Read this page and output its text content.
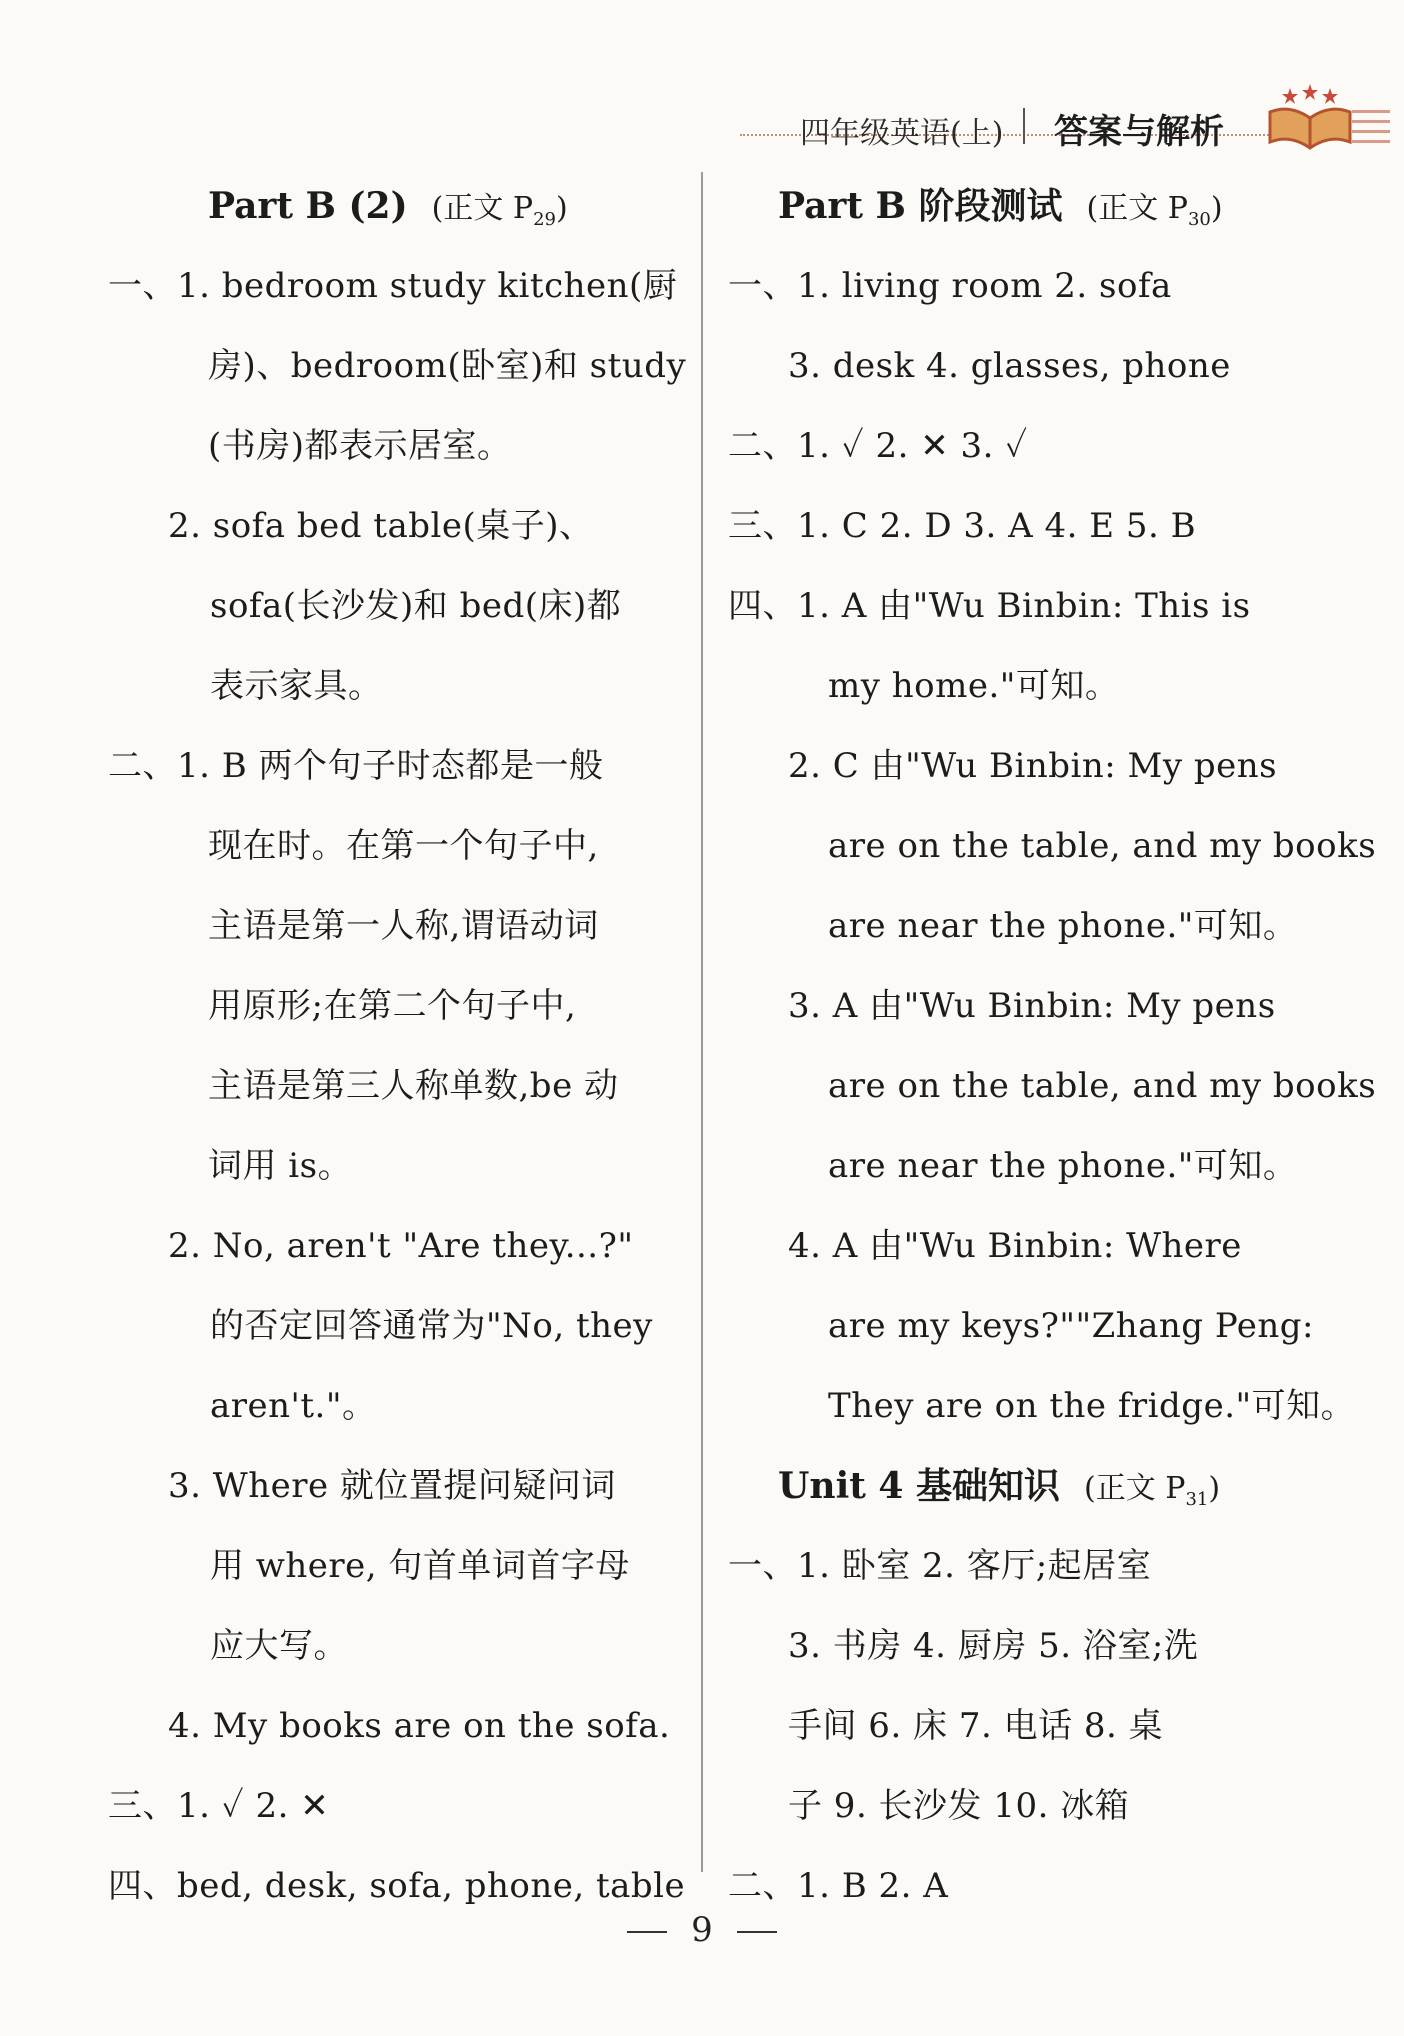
四年级英语(上) 答案与解析
Part B (2) (正文 $P_{29}$)
一、1. bedroom study kitchen(厨
房)、bedroom(卧室)和 study
(书房)都表示居室。
2. sofa bed table(桌子)、
sofa(长沙发)和 bed(床)都
表示家具。
二、1. B 两个句子时态都是一般
现在时。在第一个句子中,
主语是第一人称,谓语动词
用原形;在第二个句子中,
主语是第三人称单数,be 动
词用 is。
2. No, aren't "Are they...?"
的否定回答通常为"No, they
aren't."。
3. Where 就位置提问疑问词
用 where, 句首单词首字母
应大写。
4. My books are on the sofa.
三、1. ✓ 2. ✕
四、bed, desk, sofa, phone, table
Part B 阶段测试 (正文 $P_{30}$)
一、1. living room 2. sofa
3. desk 4. glasses, phone
二、1. ✓ 2. ✕ 3. ✓
三、1. C 2. D 3. A 4. E 5. B
四、1. A 由"Wu Binbin: This is
my home."可知。
2. C 由"Wu Binbin: My pens
are on the table, and my books
are near the phone."可知。
3. A 由"Wu Binbin: My pens
are on the table, and my books
are near the phone."可知。
4. A 由"Wu Binbin: Where
are my keys?""Zhang Peng:
They are on the fridge."可知。
Unit 4 基础知识 (正文 $P_{31}$)
一、1. 卧室 2. 客厅;起居室
3. 书房 4. 厨房 5. 浴室;洗
手间 6. 床 7. 电话 8. 桌
子 9. 长沙发 10. 冰箱
二、1. B 2. A
9
